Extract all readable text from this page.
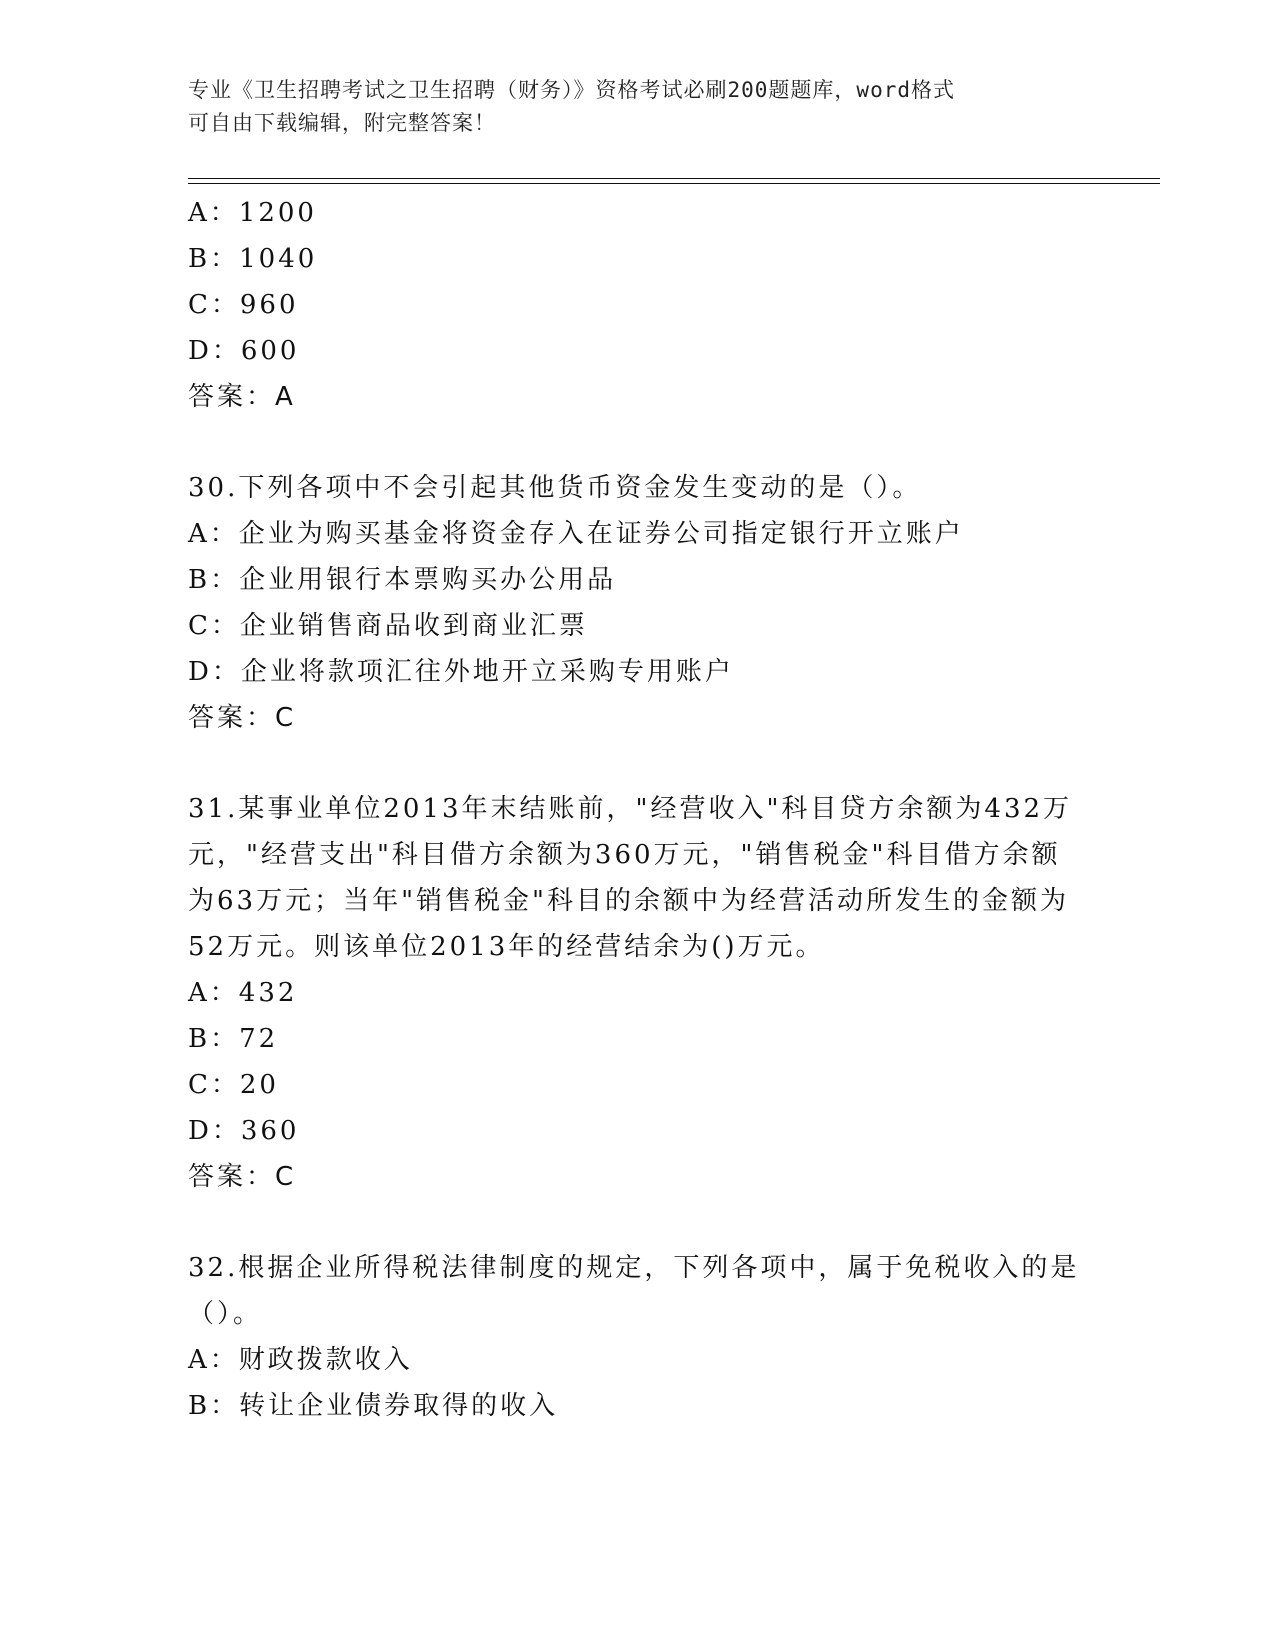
专业《卫生招聘考试之卫生招聘（财务）》资格考试必刷200题题库，word格式
可自由下载编辑，附完整答案！
A：1200
B：1040
C：960
D：600
答案：A
30.下列各项中不会引起其他货币资金发生变动的是（）。
A：企业为购买基金将资金存入在证券公司指定银行开立账户
B：企业用银行本票购买办公用品
C：企业销售商品收到商业汇票
D：企业将款项汇往外地开立采购专用账户
答案：C
31.某事业单位2013年末结账前，"经营收入"科目贷方余额为432万
元，"经营支出"科目借方余额为360万元，"销售税金"科目借方余额
为63万元；当年"销售税金"科目的余额中为经营活动所发生的金额为
52万元。则该单位2013年的经营结余为()万元。
A：432
B：72
C：20
D：360
答案：C
32.根据企业所得税法律制度的规定，下列各项中，属于免税收入的是
（）。
A：财政拨款收入
B：转让企业债券取得的收入
